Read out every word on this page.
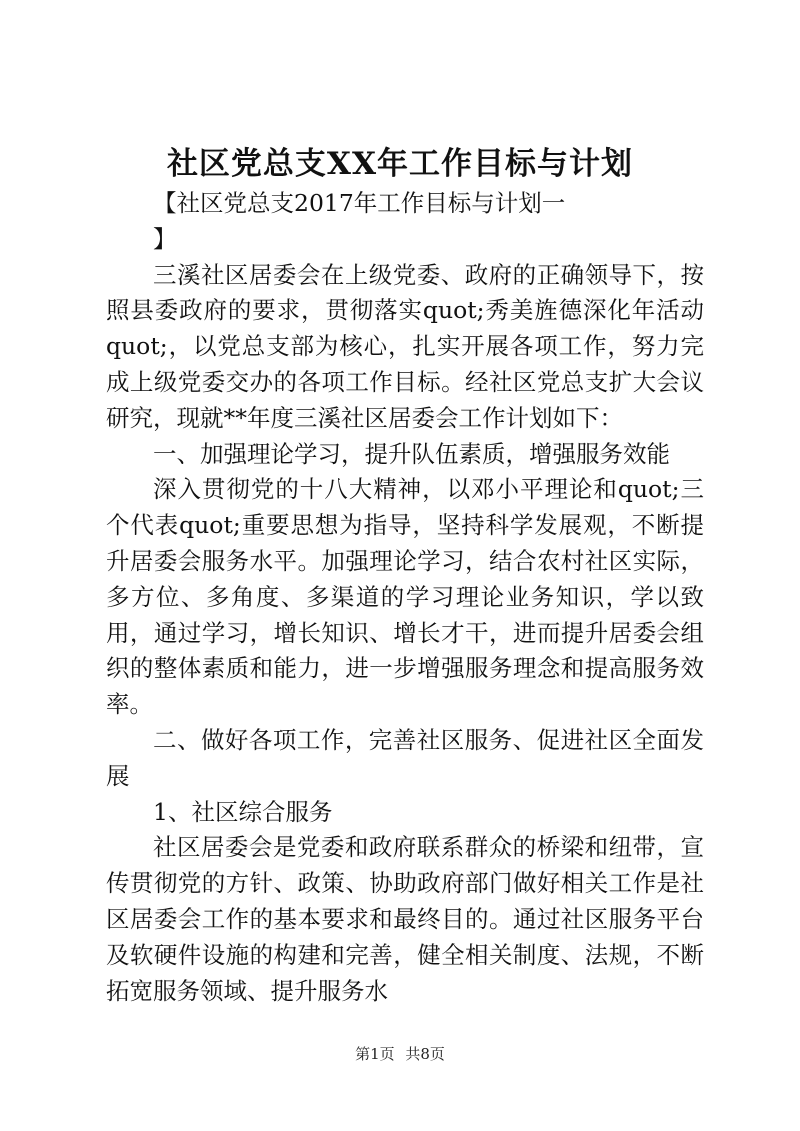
社区党总支XX年工作目标与计划

【社区党总支2017年工作目标与计划一

】

三溪社区居委会在上级党委、政府的正确领导下，按照县委政府的要求，贯彻落实quot;秀美旌德深化年活动quot;，以党总支部为核心，扎实开展各项工作，努力完成上级党委交办的各项工作目标。经社区党总支扩大会议研究，现就**年度三溪社区居委会工作计划如下：

一、加强理论学习，提升队伍素质，增强服务效能

深入贯彻党的十八大精神，以邓小平理论和quot;三个代表quot;重要思想为指导，坚持科学发展观，不断提升居委会服务水平。加强理论学习，结合农村社区实际，多方位、多角度、多渠道的学习理论业务知识，学以致用，通过学习，增长知识、增长才干，进而提升居委会组织的整体素质和能力，进一步增强服务理念和提高服务效率。

二、做好各项工作，完善社区服务、促进社区全面发展

1、社区综合服务

社区居委会是党委和政府联系群众的桥梁和纽带，宣传贯彻党的方针、政策、协助政府部门做好相关工作是社区居委会工作的基本要求和最终目的。通过社区服务平台及软硬件设施的构建和完善，健全相关制度、法规，不断拓宽服务领域、提升服务水

第1页 共8页
